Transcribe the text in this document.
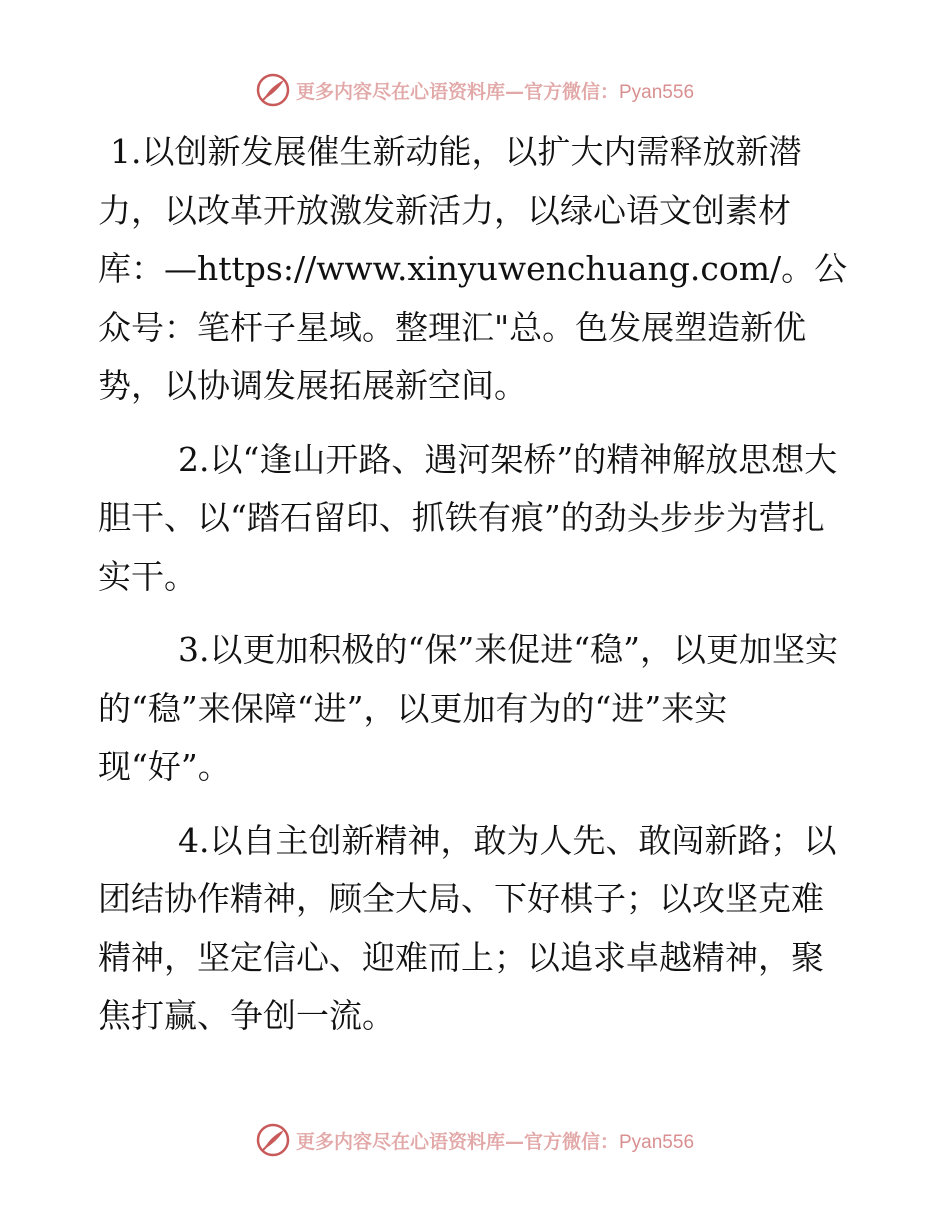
更多内容尽在心语资料库—官方微信：Pyan556

1.以创新发展催生新动能，以扩大内需释放新潜力，以改革开放激发新活力，以绿心语文创素材库：—https://www.xinyuwenchuang.com/。公众号：笔杆子星域。整理汇"总。色发展塑造新优势，以协调发展拓展新空间。

2.以“逢山开路、遇河架桥”的精神解放思想大胆干、以“踏石留印、抓铁有痕”的劲头步步为营扎实干。

3.以更加积极的“保”来促进“稳”，以更加坚实的“稳”来保障“进”，以更加有为的“进”来实现“好”。

4.以自主创新精神，敢为人先、敢闯新路；以团结协作精神，顾全大局、下好棋子；以攻坚克难精神，坚定信心、迎难而上；以追求卓越精神，聚焦打赢、争创一流。

更多内容尽在心语资料库—官方微信：Pyan556
